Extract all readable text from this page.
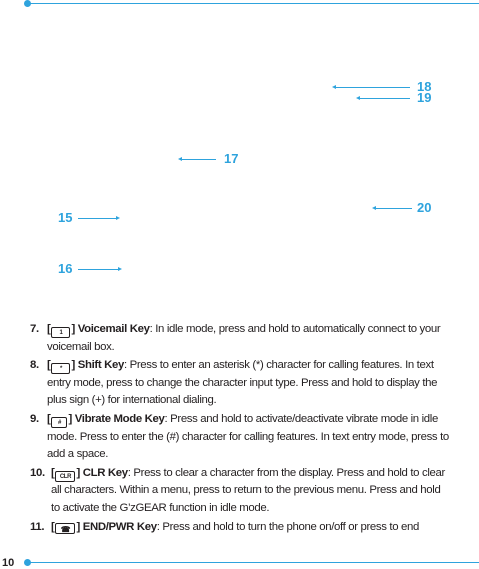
18
19
17
20
15
16
7. [ 1 ] Voicemail Key: In idle mode, press and hold to automatically connect to your voicemail box.
8. [ * ] Shift Key: Press to enter an asterisk (*) character for calling features. In text entry mode, press to change the character input type. Press and hold to display the plus sign (+) for international dialing.
9. [ # ] Vibrate Mode Key: Press and hold to activate/deactivate vibrate mode in idle mode. Press to enter the (#) character for calling features. In text entry mode, press to add a space.
10. [ CLR ] CLR Key: Press to clear a character from the display. Press and hold to clear all characters. Within a menu, press to return to the previous menu. Press and hold to activate the G’zGEAR function in idle mode.
11. [ ☎ ] END/PWR Key: Press and hold to turn the phone on/off or press to end
10
